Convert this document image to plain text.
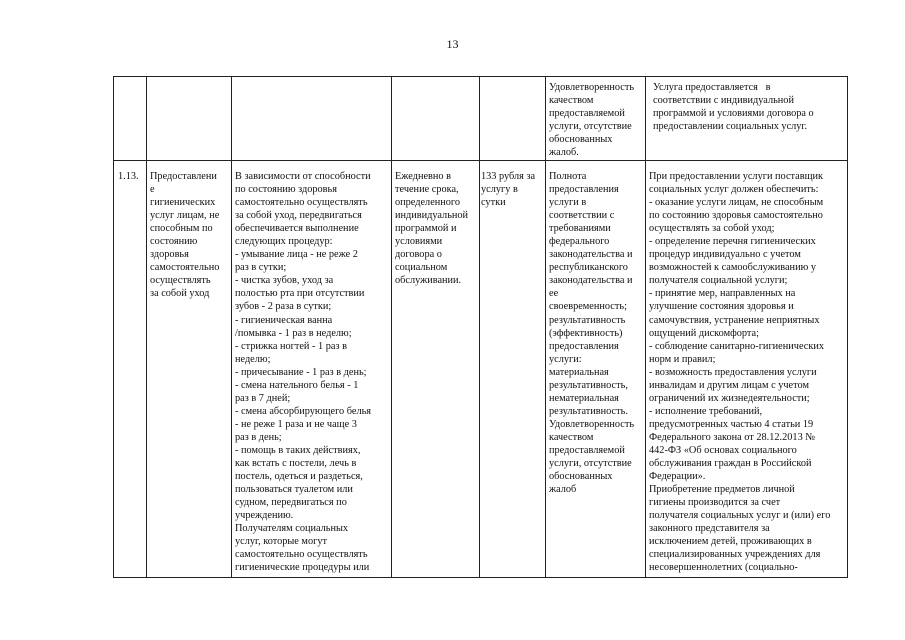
13
Удовлетворенность
качеством
предоставляемой
услуги, отсутствие
обоснованных
жалоб.
Услуга предоставляется   в
соответствии с индивидуальной
программой и условиями договора о
предоставлении социальных услуг.
1.13. Предоставлени
е
гигиенических
услуг лицам, не
способным по
состоянию
здоровья
самостоятельно
осуществлять
за собой уход
В зависимости от способности
по состоянию здоровья
самостоятельно осуществлять
за собой уход, передвигаться
обеспечивается выполнение
следующих процедур:
- умывание лица - не реже 2
раз в сутки;
- чистка зубов, уход за
полостью рта при отсутствии
зубов - 2 раза в сутки;
- гигиеническая ванна
/помывка - 1 раз в неделю;
- стрижка ногтей - 1 раз в
неделю;
- причесывание - 1 раз в день;
- смена нательного белья - 1
раз в 7 дней;
- смена абсорбирующего белья
- не реже 1 раза и не чаще 3
раз в день;
- помощь в таких действиях,
как встать с постели, лечь в
постель, одеться и раздеться,
пользоваться туалетом или
судном, передвигаться по
учреждению.
Получателям социальных
услуг, которые могут
самостоятельно осуществлять
гигиенические процедуры или
Ежедневно в
течение срока,
определенного
индивидуальной
программой и
условиями
договора о
социальном
обслуживании.
133 рубля за
услугу в
сутки
Полнота
предоставления
услуги в
соответствии с
требованиями
федерального
законодательства и
республиканского
законодательства и
ее
своевременность;
результативность
(эффективность)
предоставления
услуги:
материальная
результативность,
нематериальная
результативность.
Удовлетворенность
качеством
предоставляемой
услуги, отсутствие
обоснованных
жалоб
При предоставлении услуги поставщик
социальных услуг должен обеспечить:
- оказание услуги лицам, не способным
по состоянию здоровья самостоятельно
осуществлять за собой уход;
- определение перечня гигиенических
процедур индивидуально с учетом
возможностей к самообслуживанию у
получателя социальной услуги;
- принятие мер, направленных на
улучшение состояния здоровья и
самочувствия, устранение неприятных
ощущений дискомфорта;
- соблюдение санитарно-гигиенических
норм и правил;
- возможность предоставления услуги
инвалидам и другим лицам с учетом
ограничений их жизнедеятельности;
- исполнение требований,
предусмотренных частью 4 статьи 19
Федерального закона от 28.12.2013 №
442-ФЗ «Об основах социального
обслуживания граждан в Российской
Федерации».
Приобретение предметов личной
гигиены производится за счет
получателя социальных услуг и (или) его
законного представителя за
исключением детей, проживающих в
специализированных учреждениях для
несовершеннолетних (социально-
